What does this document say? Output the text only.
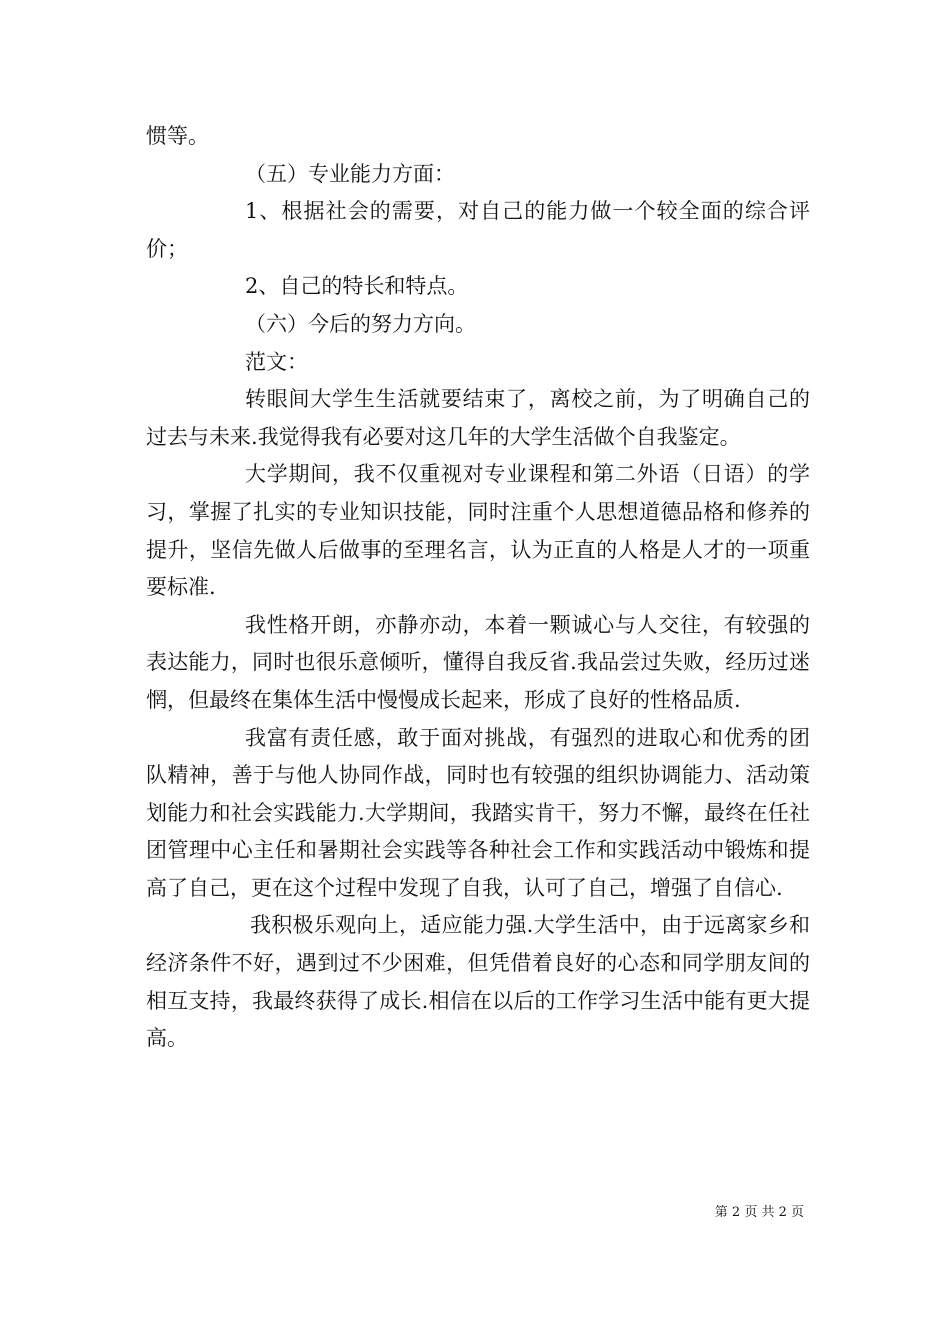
惯等。

（五）专业能力方面：

1、根据社会的需要，对自己的能力做一个较全面的综合评价；

2、自己的特长和特点。

（六）今后的努力方向。

范文：

转眼间大学生生活就要结束了，离校之前，为了明确自己的过去与未来.我觉得我有必要对这几年的大学生活做个自我鉴定。

大学期间，我不仅重视对专业课程和第二外语（日语）的学习，掌握了扎实的专业知识技能，同时注重个人思想道德品格和修养的提升，坚信先做人后做事的至理名言，认为正直的人格是人才的一项重要标准.

我性格开朗，亦静亦动，本着一颗诚心与人交往，有较强的表达能力，同时也很乐意倾听，懂得自我反省.我品尝过失败，经历过迷惘，但最终在集体生活中慢慢成长起来，形成了良好的性格品质.

我富有责任感，敢于面对挑战，有强烈的进取心和优秀的团队精神，善于与他人协同作战，同时也有较强的组织协调能力、活动策划能力和社会实践能力.大学期间，我踏实肯干，努力不懈，最终在任社团管理中心主任和暑期社会实践等各种社会工作和实践活动中锻炼和提高了自己，更在这个过程中发现了自我，认可了自己，增强了自信心.

我积极乐观向上，适应能力强.大学生活中，由于远离家乡和经济条件不好，遇到过不少困难，但凭借着良好的心态和同学朋友间的相互支持，我最终获得了成长.相信在以后的工作学习生活中能有更大提高。

第 2 页 共 2 页
